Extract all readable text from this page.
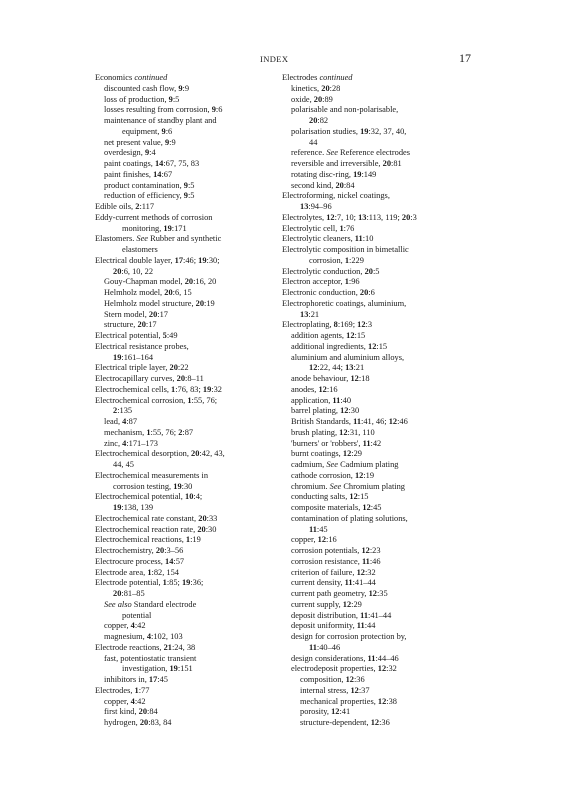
INDEX	17
Economics continued
discounted cash flow, 9:9
loss of production, 9:5
losses resulting from corrosion, 9:6
maintenance of standby plant and
equipment, 9:6
net present value, 9:9
overdesign, 9:4
paint coatings, 14:67, 75, 83
paint finishes, 14:67
product contamination, 9:5
reduction of efficiency, 9:5
Edible oils, 2:117
Eddy-current methods of corrosion
monitoring, 19:171
Elastomers. See Rubber and synthetic
elastomers
Electrical double layer, 17:46; 19:30;
20:6, 10, 22
Gouy-Chapman model, 20:16, 20
Helmholz model, 20:6, 15
Helmholz model structure, 20:19
Stern model, 20:17
structure, 20:17
Electrical potential, 5:49
Electrical resistance probes,
19:161–164
Electrical triple layer, 20:22
Electrocapillary curves, 20:8–11
Electrochemical cells, 1:76, 83; 19:32
Electrochemical corrosion, 1:55, 76;
2:135
lead, 4:87
mechanism, 1:55, 76; 2:87
zinc, 4:171–173
Electrochemical desorption, 20:42, 43,
44, 45
Electrochemical measurements in
corrosion testing, 19:30
Electrochemical potential, 10:4;
19:138, 139
Electrochemical rate constant, 20:33
Electrochemical reaction rate, 20:30
Electrochemical reactions, 1:19
Electrochemistry, 20:3–56
Electrocure process, 14:57
Electrode area, 1:82, 154
Electrode potential, 1:85; 19:36;
20:81–85
See also Standard electrode
potential
copper, 4:42
magnesium, 4:102, 103
Electrode reactions, 21:24, 38
fast, potentiostatic transient
investigation, 19:151
inhibitors in, 17:45
Electrodes, 1:77
copper, 4:42
first kind, 20:84
hydrogen, 20:83, 84
Electrodes continued
kinetics, 20:28
oxide, 20:89
polarisable and non-polarisable,
20:82
polarisation studies, 19:32, 37, 40,
44
reference. See Reference electrodes
reversible and irreversible, 20:81
rotating disc-ring, 19:149
second kind, 20:84
Electroforming, nickel coatings,
13:94–96
Electrolytes, 12:7, 10; 13:113, 119; 20:3
Electrolytic cell, 1:76
Electrolytic cleaners, 11:10
Electrolytic composition in bimetallic
corrosion, 1:229
Electrolytic conduction, 20:5
Electron acceptor, 1:96
Electronic conduction, 20:6
Electrophoretic coatings, aluminium,
13:21
Electroplating, 8:169; 12:3
addition agents, 12:15
additional ingredients, 12:15
aluminium and aluminium alloys,
12:22, 44; 13:21
anode behaviour, 12:18
anodes, 12:16
application, 11:40
barrel plating, 12:30
British Standards, 11:41, 46; 12:46
brush plating, 12:31, 110
'burners' or 'robbers', 11:42
burnt coatings, 12:29
cadmium, See Cadmium plating
cathode corrosion, 12:19
chromium. See Chromium plating
conducting salts, 12:15
composite materials, 12:45
contamination of plating solutions,
11:45
copper, 12:16
corrosion potentials, 12:23
corrosion resistance, 11:46
criterion of failure, 12:32
current density, 11:41–44
current path geometry, 12:35
current supply, 12:29
deposit distribution, 11:41–44
deposit uniformity, 11:44
design for corrosion protection by,
11:40–46
design considerations, 11:44–46
electrodeposit properties, 12:32
composition, 12:36
internal stress, 12:37
mechanical properties, 12:38
porosity, 12:41
structure-dependent, 12:36
